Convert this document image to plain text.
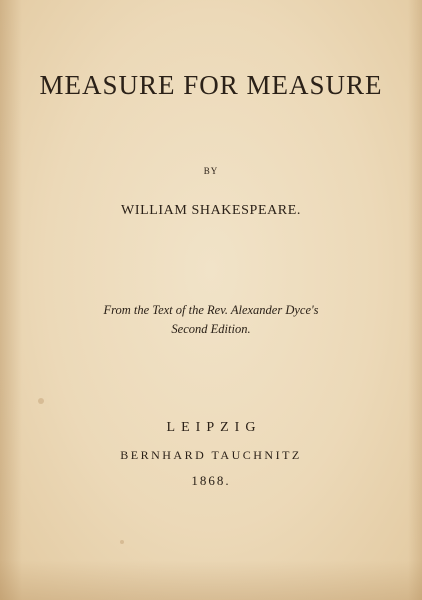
MEASURE FOR MEASURE
BY
WILLIAM SHAKESPEARE.
From the Text of the Rev. Alexander Dyce's
Second Edition.
LEIPZIG
BERNHARD TAUCHNITZ
1868.
